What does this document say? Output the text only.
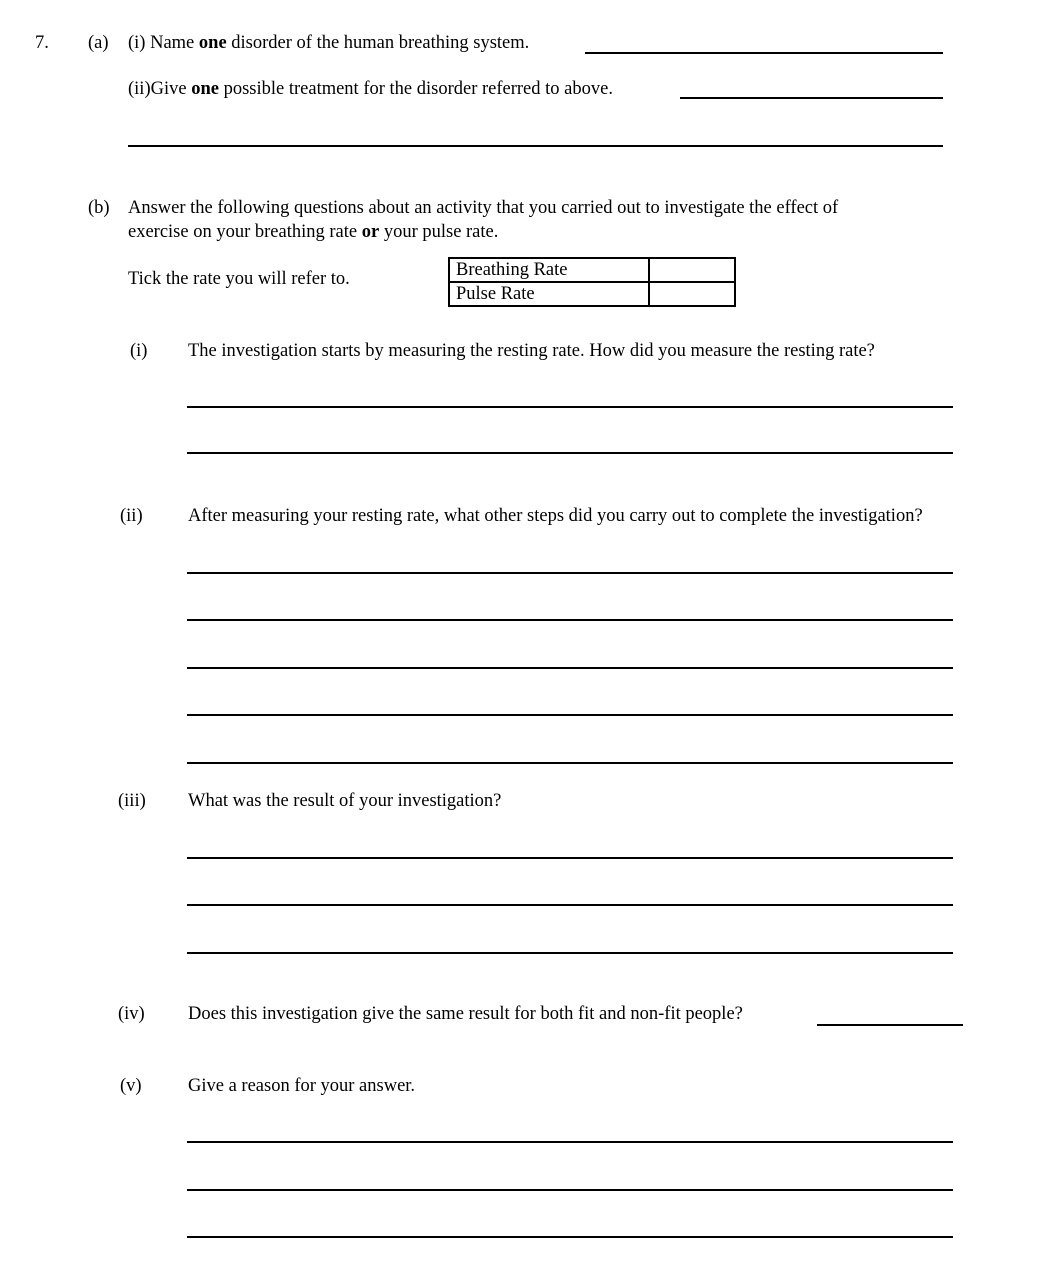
7. (a) (i) Name one disorder of the human breathing system.
(ii)Give one possible treatment for the disorder referred to above.
(b) Answer the following questions about an activity that you carried out to investigate the effect of
exercise on your breathing rate or your pulse rate.
Tick the rate you will refer to.	Breathing Rate	
Pulse Rate	
(i) The investigation starts by measuring the resting rate. How did you measure the resting rate?
(ii) After measuring your resting rate, what other steps did you carry out to complete the investigation?
(iii) What was the result of your investigation?
(iv) Does this investigation give the same result for both fit and non-fit people?
(v)	Give a reason for your answer.
